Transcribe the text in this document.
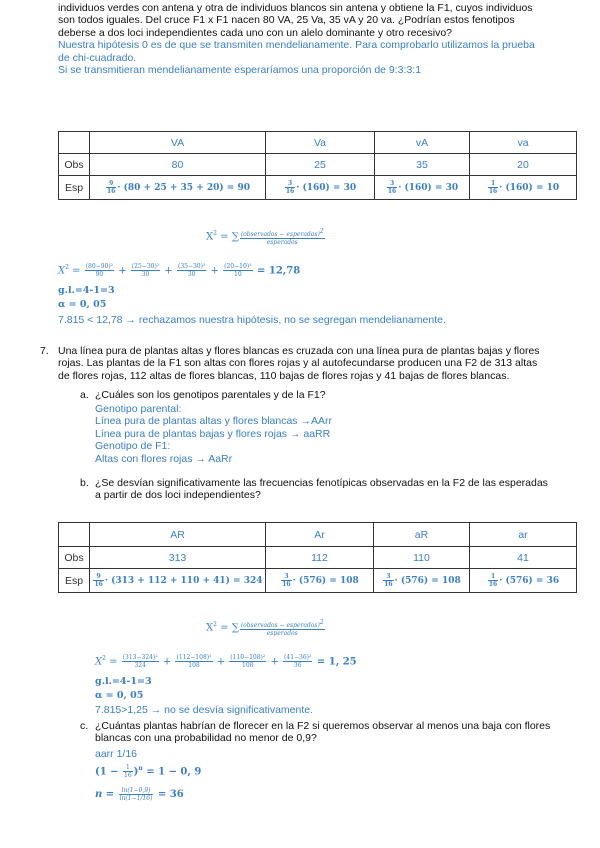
individuos verdes con antena y otra de individuos blancos sin antena y obtiene la F1, cuyos individuos
son todos iguales. Del cruce F1 x F1 nacen 80 VA, 25 Va, 35 vA y 20 va. ¿Podrían estos fenotipos
deberse a dos loci independientes cada uno con un alelo dominante y otro recesivo?
Nuestra hipótesis 0 es de que se transmiten mendelianamente. Para comprobarlo utilizamos la prueba
de chi-cuadrado.
Si se transmitieran mendelianamente esperaríamos una proporción de 9:3:3:1
	VA	Va	vA	va
Obs	80	25	35	20
Esp	$\frac{9}{16} \cdot (80 + 25 + 35 + 20) = 90$	$\frac{3}{16} \cdot (160) = 30$	$\frac{3}{16} \cdot (160) = 30$	$\frac{1}{16} \cdot (160) = 10$
$X^2$ = ∑ $\frac{(observados - esperados)^2}{\text{esperados}}$
$X^2 = \frac{\text{(80−90)²}}{90} + \frac{\text{(25−30)²}}{30} + \frac{\text{(35−30)²}}{30} + \frac{\text{(20−10)²}}{10} = 12,78$
g.l.=4-1=3
α = 0, 05
7.815 < 12,78 → rechazamos nuestra hipótesis, no se segregan mendelianamente.
7. Una línea pura de plantas altas y flores blancas es cruzada con una línea pura de plantas bajas y flores
rojas. Las plantas de la F1 son altas con flores rojas y al autofecundarse producen una F2 de 313 altas
de flores rojas, 112 altas de flores blancas, 110 bajas de flores rojas y 41 bajas de flores blancas.
a. ¿Cuáles son los genotipos parentales y de la F1?
Genotipo parental:
Línea pura de plantas altas y flores blancas →AArr
Línea pura de plantas bajas y flores rojas → aaRR
Genotipo de F1:
Altas con flores rojas → AaRr
b. ¿Se desvían significativamente las frecuencias fenotípicas observadas en la F2 de las esperadas
a partir de dos loci independientes?
	AR	Ar	aR	ar
Obs	313	112	110	41
Esp	$\frac{9}{16} \cdot (313 + 112 + 110 + 41) = 324$	$\frac{3}{16} \cdot (576) = 108$	$\frac{3}{16} \cdot (576) = 108$	$\frac{1}{16} \cdot (576) = 36$
$X^2$ = ∑ $\frac{(observados - esperados)^2}{\text{esperados}}$
$X^2 = \frac{\text{(313−324)²}}{324} + \frac{\text{(112−108)²}}{108} + \frac{\text{(110−108)²}}{108} + \frac{\text{(41−36)²}}{36} = 1$, 25
g.l.=4-1=3
α = 0, 05
7.815>1,25 → no se desvía significativamente.
c. ¿Cuántas plantas habrían de florecer en la F2 si queremos observar al menos una baja con flores
blancas con una probabilidad no menor de 0,9?
aarr 1/16
$(1 - \frac{1}{16} )^n = 1 - 0$, 9
$n = \frac{\ln(1-0,9)}{\ln(1-1/16)} = 36$
